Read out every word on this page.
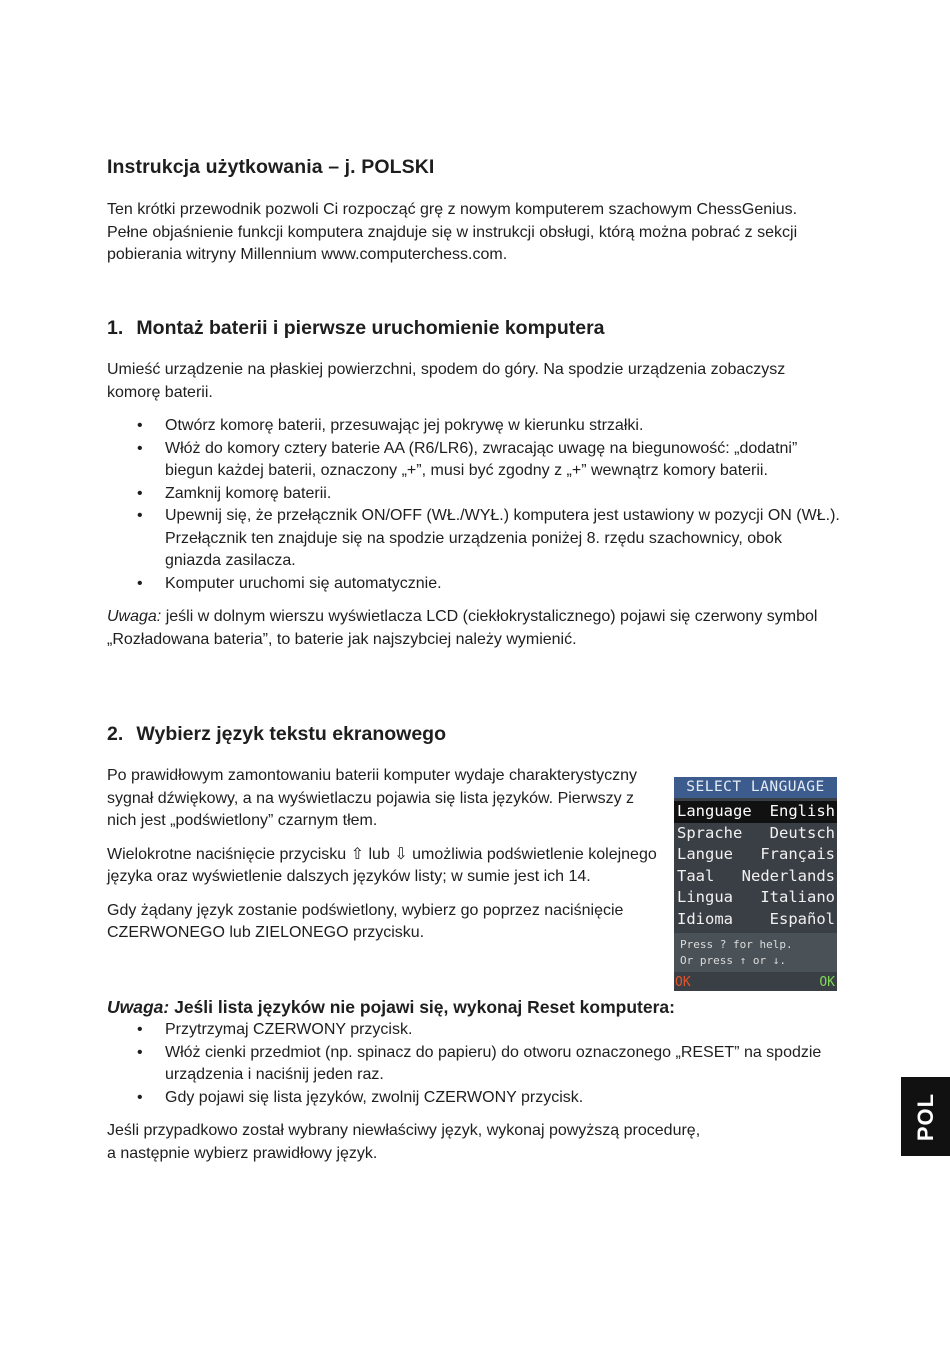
Instrukcja użytkowania – j. POLSKI

Ten krótki przewodnik pozwoli Ci rozpocząć grę z nowym komputerem szachowym ChessGenius. Pełne objaśnienie funkcji komputera znajduje się w instrukcji obsługi, którą można pobrać z sekcji pobierania witryny Millennium www.computerchess.com.

1. Montaż baterii i pierwsze uruchomienie komputera

Umieść urządzenie na płaskiej powierzchni, spodem do góry. Na spodzie urządzenia zobaczysz komorę baterii.

• Otwórz komorę baterii, przesuwając jej pokrywę w kierunku strzałki.
• Włóż do komory cztery baterie AA (R6/LR6), zwracając uwagę na biegunowość: „dodatni” biegun każdej baterii, oznaczony „+”, musi być zgodny z „+” wewnątrz komory baterii.
• Zamknij komorę baterii.
• Upewnij się, że przełącznik ON/OFF (WŁ./WYŁ.) komputera jest ustawiony w pozycji ON (WŁ.). Przełącznik ten znajduje się na spodzie urządzenia poniżej 8. rzędu szachownicy, obok gniazda zasilacza.
• Komputer uruchomi się automatycznie.

Uwaga: jeśli w dolnym wierszu wyświetlacza LCD (ciekłokrystalicznego) pojawi się czerwony symbol „Rozładowana bateria”, to baterie jak najszybciej należy wymienić.

2. Wybierz język tekstu ekranowego

Po prawidłowym zamontowaniu baterii komputer wydaje charakterystyczny sygnał dźwiękowy, a na wyświetlaczu pojawia się lista języków. Pierwszy z nich jest „podświetlony” czarnym tłem.

Wielokrotne naciśnięcie przycisku ⇧ lub ⇩ umożliwia podświetlenie kolejnego języka oraz wyświetlenie dalszych języków listy; w sumie jest ich 14.

Gdy żądany język zostanie podświetlony, wybierz go poprzez naciśnięcie CZERWONEGO lub ZIELONEGO przycisku.

Uwaga: Jeśli lista języków nie pojawi się, wykonaj Reset komputera:

• Przytrzymaj CZERWONY przycisk.
• Włóż cienki przedmiot (np. spinacz do papieru) do otworu oznaczonego „RESET” na spodzie urządzenia i naciśnij jeden raz.
• Gdy pojawi się lista języków, zwolnij CZERWONY przycisk.

Jeśli przypadkowo został wybrany niewłaściwy język, wykonaj powyższą procedurę,
a następnie wybierz prawidłowy język.

SELECT LANGUAGE
Language English
Sprache Deutsch
Langue Français
Taal Nederlands
Lingua Italiano
Idioma Español
Press ? for help.
Or press ↑ or ↓.
OK	OK
POL
